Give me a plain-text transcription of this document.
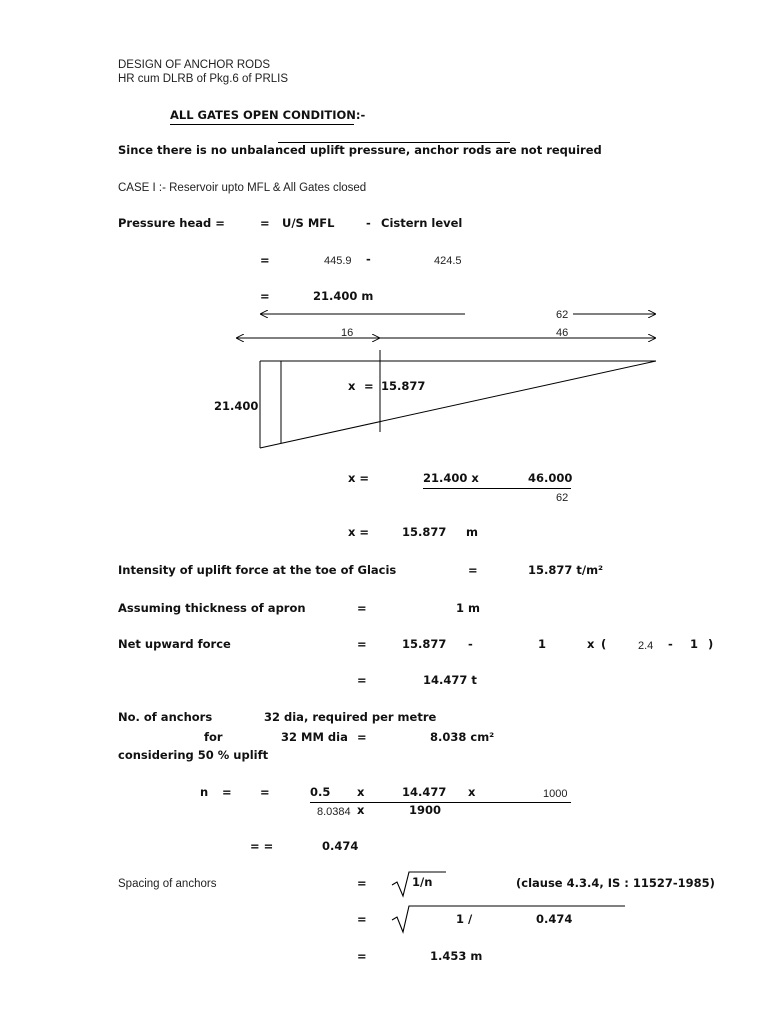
DESIGN OF ANCHOR RODS
HR cum DLRB of Pkg.6 of PRLIS
ALL GATES OPEN CONDITION:-
Since there is no unbalanced uplift pressure, anchor rods are not required
CASE I :- Reservoir upto MFL & All Gates closed
Pressure head =	= U/S MFL	- Cistern level
=	445.9 -	424.5
=	21.400 m
62
16	46
21.400
x = 15.877
x =	21.400 x	46.000
62
x =	15.877 m
Intensity of uplift force at the toe of Glacis	=	15.877 t/m²
Assuming thickness of apron	=	1 m
Net upward force	=	15.877 -	1	x (	2.4 - 1 )
=	14.477 t
No. of anchors	32 dia, required per metre
for	32 MM dia =	8.038 cm²
considering 50 % uplift
n = =	0.5 x	14.477 x	1000
8.0384 x	1900
= =	0.474
Spacing of anchors	=	1/n	(clause 4.3.4, IS : 11527-1985)
=	1 /	0.474
=	1.453 m
